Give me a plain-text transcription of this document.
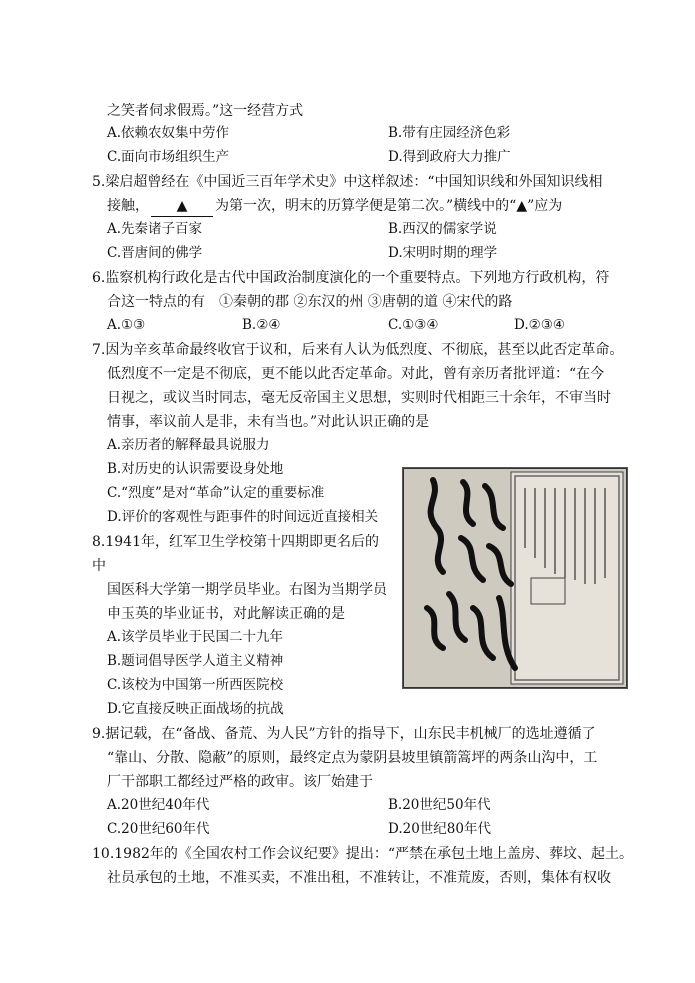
之笑者伺求假焉。”这一经营方式
A.依赖农奴集中劳作	B.带有庄园经济色彩
C.面向市场组织生产	D.得到政府大力推广
5.梁启超曾经在《中国近三百年学术史》中这样叙述：“中国知识线和外国知识线相
接触， ▲ 为第一次，明末的历算学便是第二次。”横线中的“▲”应为
A.先秦诸子百家	B.西汉的儒家学说
C.晋唐间的佛学	D.宋明时期的理学
6.监察机构行政化是古代中国政治制度演化的一个重要特点。下列地方行政机构，符
合这一特点的有　①秦朝的郡 ②东汉的州 ③唐朝的道 ④宋代的路
A.①③	B.②④	C.①③④	D.②③④
7.因为辛亥革命最终收官于议和，后来有人认为低烈度、不彻底，甚至以此否定革命。
低烈度不一定是不彻底，更不能以此否定革命。对此，曾有亲历者批评道：“在今
日视之，或议当时同志，毫无反帝国主义思想，实则时代相距三十余年，不审当时
情事，率议前人是非，未有当也。”对此认识正确的是
A.亲历者的解释最具说服力
B.对历史的认识需要设身处地
C.“烈度”是对“革命”认定的重要标准
D.评价的客观性与距事件的时间远近直接相关
8.1941年，红军卫生学校第十四期即更名后的
中
国医科大学第一期学员毕业。右图为当期学员
申玉英的毕业证书，对此解读正确的是
A.该学员毕业于民国二十九年
B.题词倡导医学人道主义精神
C.该校为中国第一所西医院校
D.它直接反映正面战场的抗战
9.据记载，在“备战、备荒、为人民”方针的指导下，山东民丰机械厂的选址遵循了
“靠山、分散、隐蔽”的原则，最终定点为蒙阴县坡里镇箭篙坪的两条山沟中，工
厂干部职工都经过严格的政审。该厂始建于
A.20世纪40年代	B.20世纪50年代
C.20世纪60年代	D.20世纪80年代
10.1982年的《全国农村工作会议纪要》提出：“严禁在承包土地上盖房、葬坟、起土。
社员承包的土地，不准买卖，不准出租，不准转让，不准荒废，否则，集体有权收
